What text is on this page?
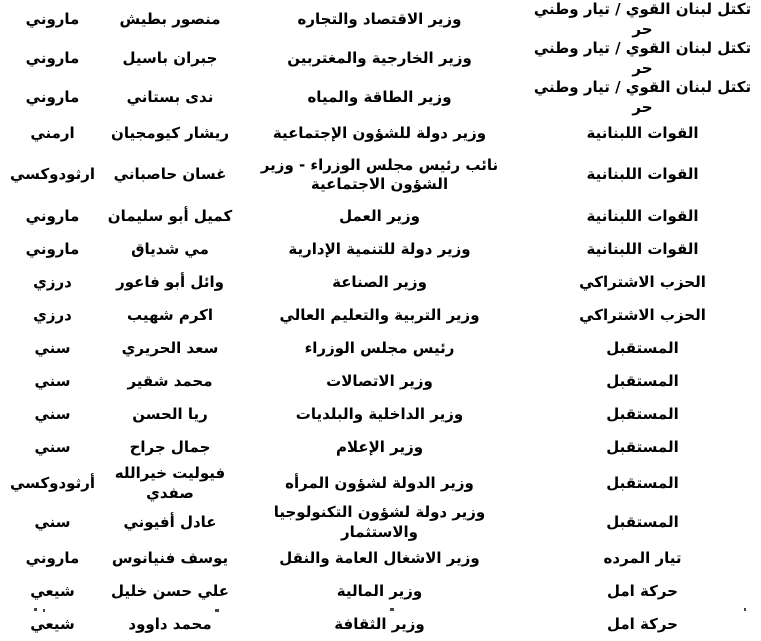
تكتل لبنان القوي / تيار وطني حر	وزير الاقتصاد والتجاره	منصور بطيش	ماروني
تكتل لبنان القوي / تيار وطني حر	وزير الخارجية والمغتربين	جبران باسيل	ماروني
تكتل لبنان القوي / تيار وطني حر	وزير الطاقة والمياه	ندى بستاني	ماروني
القوات اللبنانية	وزير دولة للشؤون الإجتماعية	ريشار كيومجيان	ارمني
القوات اللبنانية	نائب رئيس مجلس الوزراء - وزير الشؤون الاجتماعية	غسان حاصباني	ارثودوكسي
القوات اللبنانية	وزير العمل	كميل أبو سليمان	ماروني
القوات اللبنانية	وزير دولة للتنمية الإدارية	مي شدياق	ماروني
الحزب الاشتراكي	وزير الصناعة	وائل أبو فاعور	درزي
الحزب الاشتراكي	وزير التربية والتعليم العالي	اكرم شهيب	درزي
المستقبل	رئيس مجلس الوزراء	سعد الحريري	سني
المستقبل	وزير الاتصالات	محمد شقير	سني
المستقبل	وزير الداخلية والبلديات	ريا الحسن	سني
المستقبل	وزير الإعلام	جمال جراح	سني
المستقبل	وزير الدولة لشؤون المرأه	فيوليت خيرالله صفدي	أرثودوكسي
المستقبل	وزير دولة لشؤون التكنولوجيا والاستثمار	عادل أفيوني	سني
تيار المرده	وزير الاشغال العامة والنقل	يوسف فنيانوس	ماروني
حركة امل	وزير المالية	علي حسن خليل	شيعي
حركة امل	وزير الثقافة	محمد داوود	شيعي
